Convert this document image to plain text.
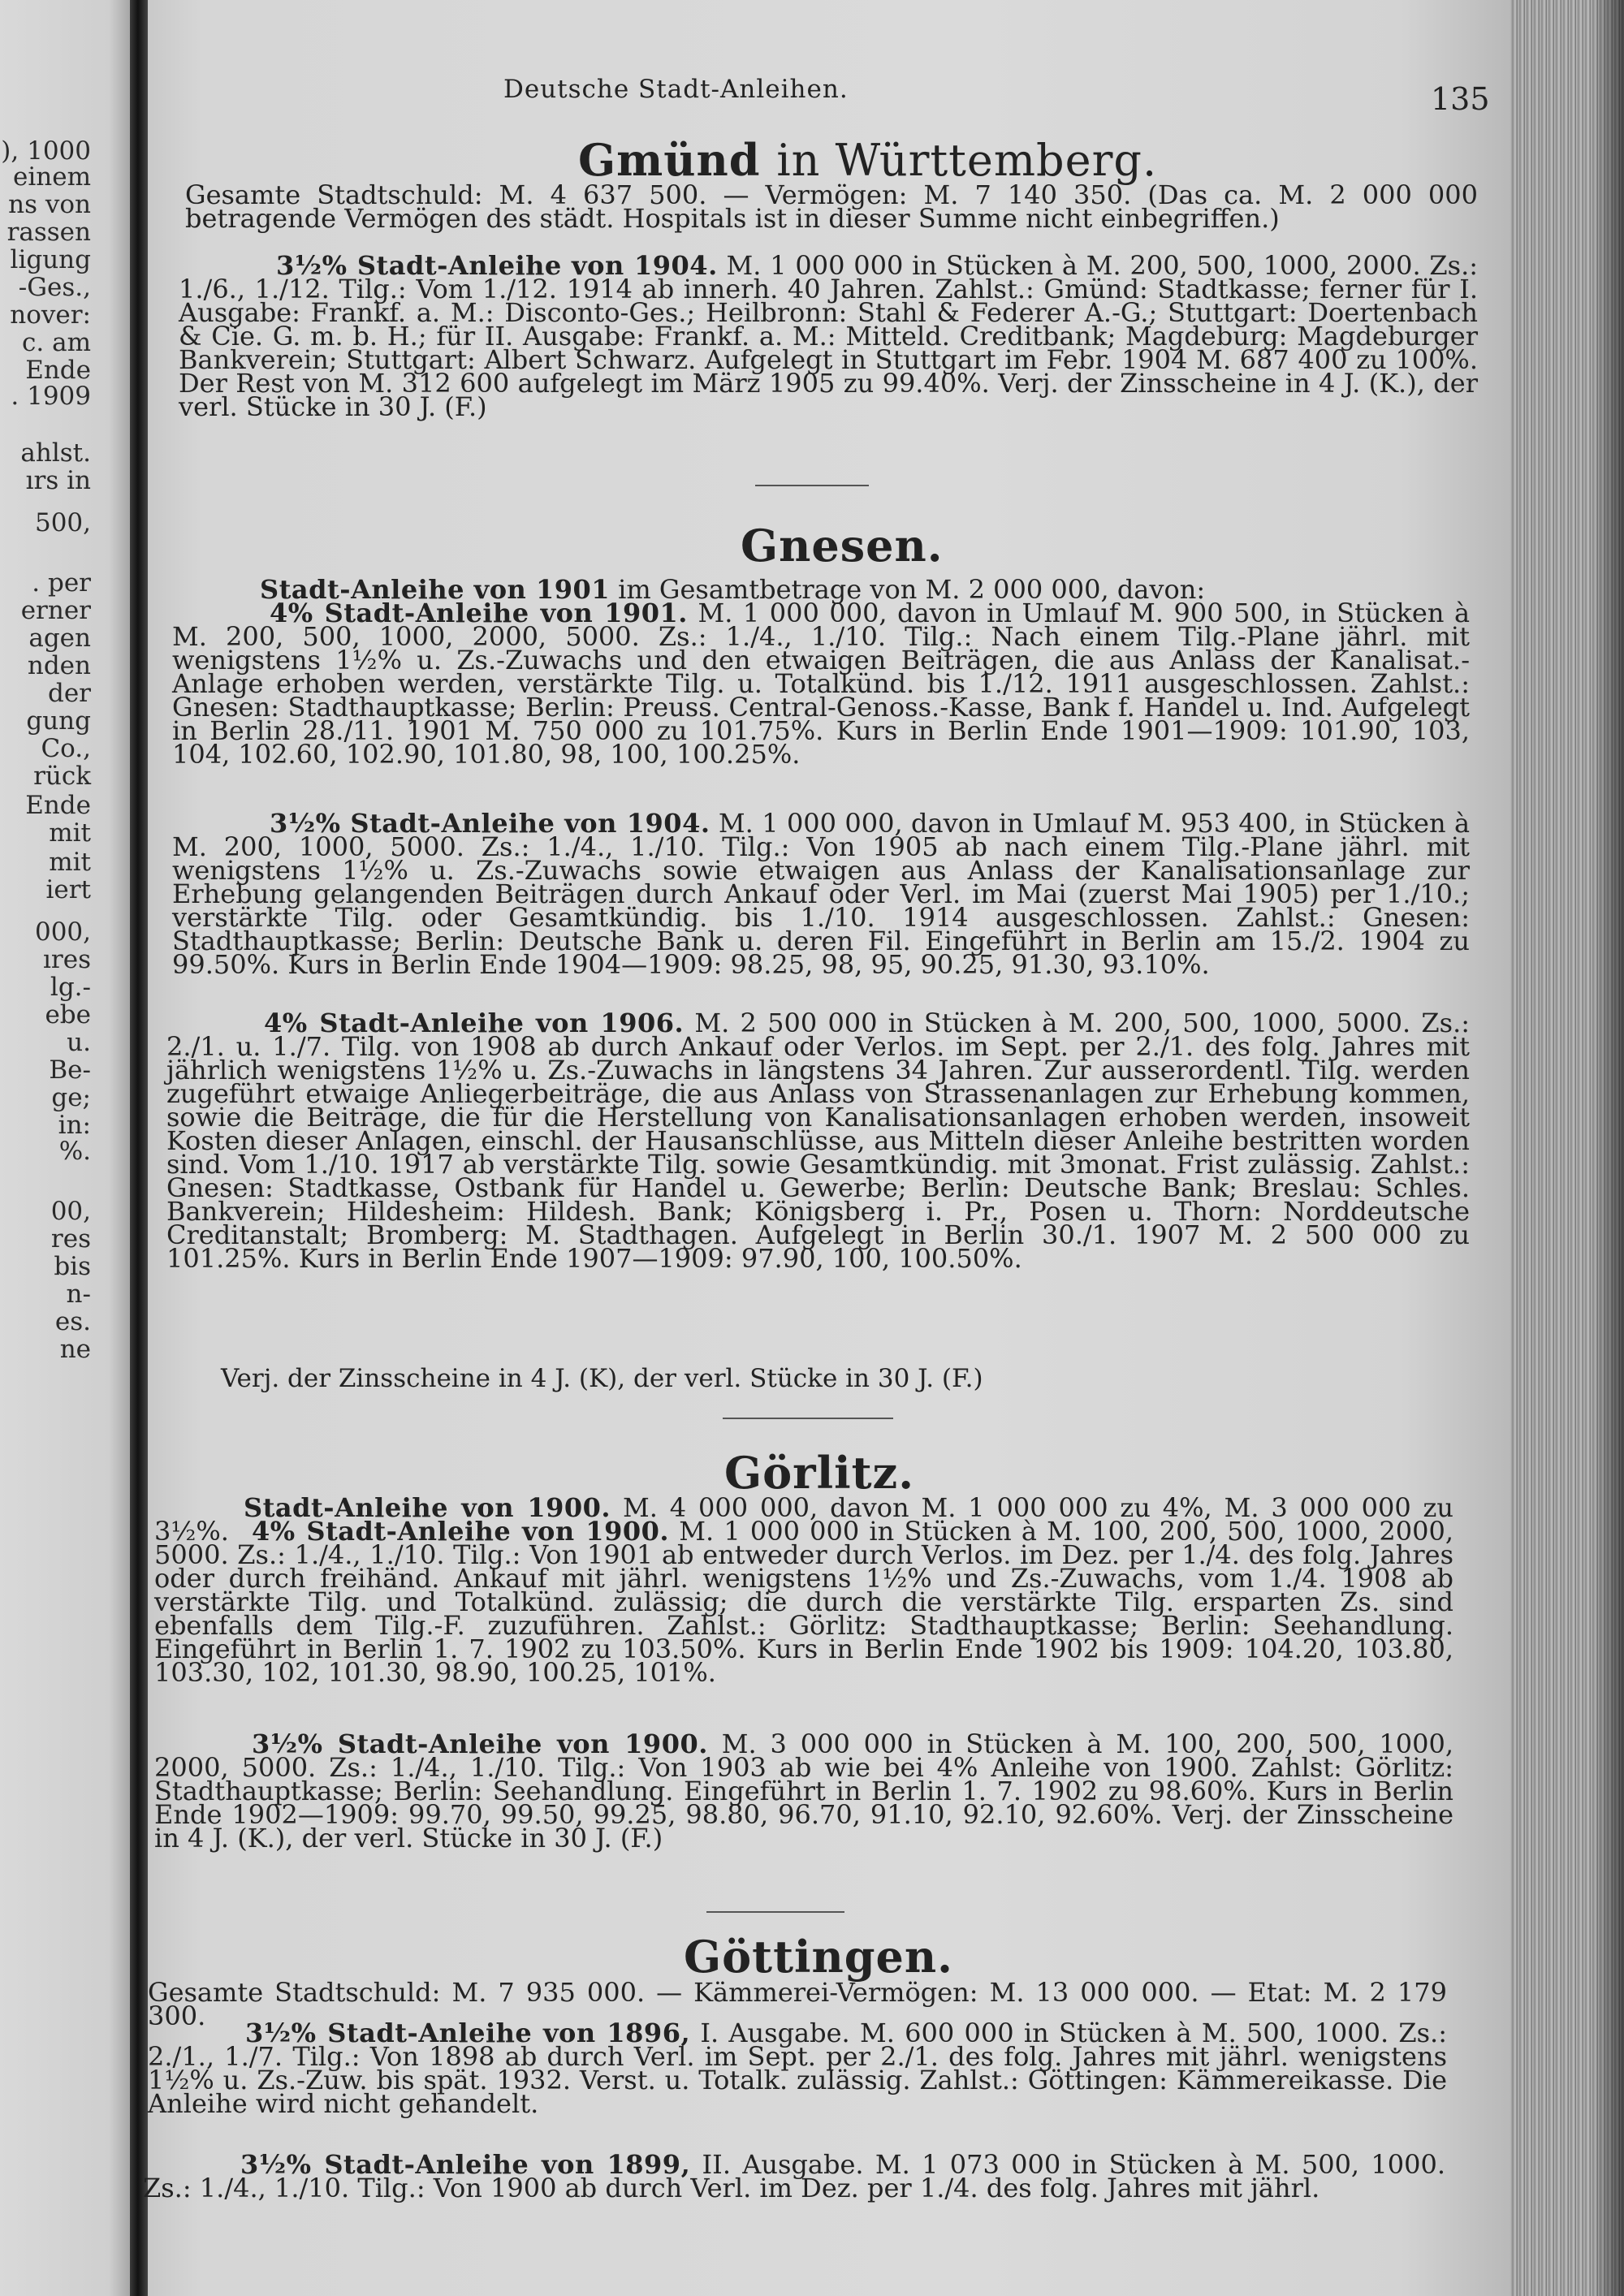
), 1000
einem
ns von
rassen
ligung
-Ges.,
nover:
c. am
Ende
. 1909
ahlst.
ırs in
500,
. per
erner
agen
nden
der
gung
Co.,
rück
Ende
mit
mit
iert
000,
ıres
lg.-
ebe
u.
Be-
ge;
in:
%.
00,
res
bis
n-
es.
ne
Deutsche Stadt-Anleihen.	135
Gmünd in Württemberg.
Gesamte Stadtschuld: M. 4 637 500. — Vermögen: M. 7 140 350. (Das ca. M. 2 000 000 betragende Vermögen des städt. Hospitals ist in dieser Summe nicht einbegriffen.)
3½% Stadt-Anleihe von 1904. M. 1 000 000 in Stücken à M. 200, 500, 1000, 2000. Zs.: 1./6., 1./12. Tilg.: Vom 1./12. 1914 ab innerh. 40 Jahren. Zahlst.: Gmünd: Stadtkasse; ferner für I. Ausgabe: Frankf. a. M.: Disconto-Ges.; Heilbronn: Stahl & Federer A.-G.; Stuttgart: Doertenbach & Cie. G. m. b. H.; für II. Ausgabe: Frankf. a. M.: Mitteld. Creditbank; Magdeburg: Magdeburger Bankverein; Stuttgart: Albert Schwarz. Aufgelegt in Stuttgart im Febr. 1904 M. 687 400 zu 100%. Der Rest von M. 312 600 aufgelegt im März 1905 zu 99.40%. Verj. der Zinsscheine in 4 J. (K.), der verl. Stücke in 30 J. (F.)
Gnesen.
Stadt-Anleihe von 1901 im Gesamtbetrage von M. 2 000 000, davon:
4% Stadt-Anleihe von 1901. M. 1 000 000, davon in Umlauf M. 900 500, in Stücken à M. 200, 500, 1000, 2000, 5000. Zs.: 1./4., 1./10. Tilg.: Nach einem Tilg.-Plane jährl. mit wenigstens 1½% u. Zs.-Zuwachs und den etwaigen Beiträgen, die aus Anlass der Kanalisat.-Anlage erhoben werden, verstärkte Tilg. u. Totalkünd. bis 1./12. 1911 ausgeschlossen. Zahlst.: Gnesen: Stadthauptkasse; Berlin: Preuss. Central-Genoss.-Kasse, Bank f. Handel u. Ind. Aufgelegt in Berlin 28./11. 1901 M. 750 000 zu 101.75%. Kurs in Berlin Ende 1901—1909: 101.90, 103, 104, 102.60, 102.90, 101.80, 98, 100, 100.25%.
3½% Stadt-Anleihe von 1904. M. 1 000 000, davon in Umlauf M. 953 400, in Stücken à M. 200, 1000, 5000. Zs.: 1./4., 1./10. Tilg.: Von 1905 ab nach einem Tilg.-Plane jährl. mit wenigstens 1½% u. Zs.-Zuwachs sowie etwaigen aus Anlass der Kanalisationsanlage zur Erhebung gelangenden Beiträgen durch Ankauf oder Verl. im Mai (zuerst Mai 1905) per 1./10.; verstärkte Tilg. oder Gesamtkündig. bis 1./10. 1914 ausgeschlossen. Zahlst.: Gnesen: Stadthauptkasse; Berlin: Deutsche Bank u. deren Fil. Eingeführt in Berlin am 15./2. 1904 zu 99.50%. Kurs in Berlin Ende 1904—1909: 98.25, 98, 95, 90.25, 91.30, 93.10%.
4% Stadt-Anleihe von 1906. M. 2 500 000 in Stücken à M. 200, 500, 1000, 5000. Zs.: 2./1. u. 1./7. Tilg. von 1908 ab durch Ankauf oder Verlos. im Sept. per 2./1. des folg. Jahres mit jährlich wenigstens 1½% u. Zs.-Zuwachs in längstens 34 Jahren. Zur ausserordentl. Tilg. werden zugeführt etwaige Anliegerbeiträge, die aus Anlass von Strassenanlagen zur Erhebung kommen, sowie die Beiträge, die für die Herstellung von Kanalisationsanlagen erhoben werden, insoweit Kosten dieser Anlagen, einschl. der Hausanschlüsse, aus Mitteln dieser Anleihe bestritten worden sind. Vom 1./10. 1917 ab verstärkte Tilg. sowie Gesamtkündig. mit 3monat. Frist zulässig. Zahlst.: Gnesen: Stadtkasse, Ostbank für Handel u. Gewerbe; Berlin: Deutsche Bank; Breslau: Schles. Bankverein; Hildesheim: Hildesh. Bank; Königsberg i. Pr., Posen u. Thorn: Norddeutsche Creditanstalt; Bromberg: M. Stadthagen. Aufgelegt in Berlin 30./1. 1907 M. 2 500 000 zu 101.25%. Kurs in Berlin Ende 1907—1909: 97.90, 100, 100.50%.
Verj. der Zinsscheine in 4 J. (K), der verl. Stücke in 30 J. (F.)
Görlitz.
Stadt-Anleihe von 1900. M. 4 000 000, davon M. 1 000 000 zu 4%, M. 3 000 000 zu 3½%. 4% Stadt-Anleihe von 1900. M. 1 000 000 in Stücken à M. 100, 200, 500, 1000, 2000, 5000. Zs.: 1./4., 1./10. Tilg.: Von 1901 ab entweder durch Verlos. im Dez. per 1./4. des folg. Jahres oder durch freihänd. Ankauf mit jährl. wenigstens 1½% und Zs.-Zuwachs, vom 1./4. 1908 ab verstärkte Tilg. und Totalkünd. zulässig; die durch die verstärkte Tilg. ersparten Zs. sind ebenfalls dem Tilg.-F. zuzuführen. Zahlst.: Görlitz: Stadthauptkasse; Berlin: Seehandlung. Eingeführt in Berlin 1. 7. 1902 zu 103.50%. Kurs in Berlin Ende 1902 bis 1909: 104.20, 103.80, 103.30, 102, 101.30, 98.90, 100.25, 101%.
3½% Stadt-Anleihe von 1900. M. 3 000 000 in Stücken à M. 100, 200, 500, 1000, 2000, 5000. Zs.: 1./4., 1./10. Tilg.: Von 1903 ab wie bei 4% Anleihe von 1900. Zahlst: Görlitz: Stadthauptkasse; Berlin: Seehandlung. Eingeführt in Berlin 1. 7. 1902 zu 98.60%. Kurs in Berlin Ende 1902—1909: 99.70, 99.50, 99.25, 98.80, 96.70, 91.10, 92.10, 92.60%. Verj. der Zinsscheine in 4 J. (K.), der verl. Stücke in 30 J. (F.)
Göttingen.
Gesamte Stadtschuld: M. 7 935 000. — Kämmerei-Vermögen: M. 13 000 000. — Etat: M. 2 179 300.
3½% Stadt-Anleihe von 1896, I. Ausgabe. M. 600 000 in Stücken à M. 500, 1000. Zs.: 2./1., 1./7. Tilg.: Von 1898 ab durch Verl. im Sept. per 2./1. des folg. Jahres mit jährl. wenigstens 1½% u. Zs.-Zuw. bis spät. 1932. Verst. u. Totalk. zulässig. Zahlst.: Göttingen: Kämmereikasse. Die Anleihe wird nicht gehandelt.
3½% Stadt-Anleihe von 1899, II. Ausgabe. M. 1 073 000 in Stücken à M. 500, 1000. Zs.: 1./4., 1./10. Tilg.: Von 1900 ab durch Verl. im Dez. per 1./4. des folg. Jahres mit jährl.
